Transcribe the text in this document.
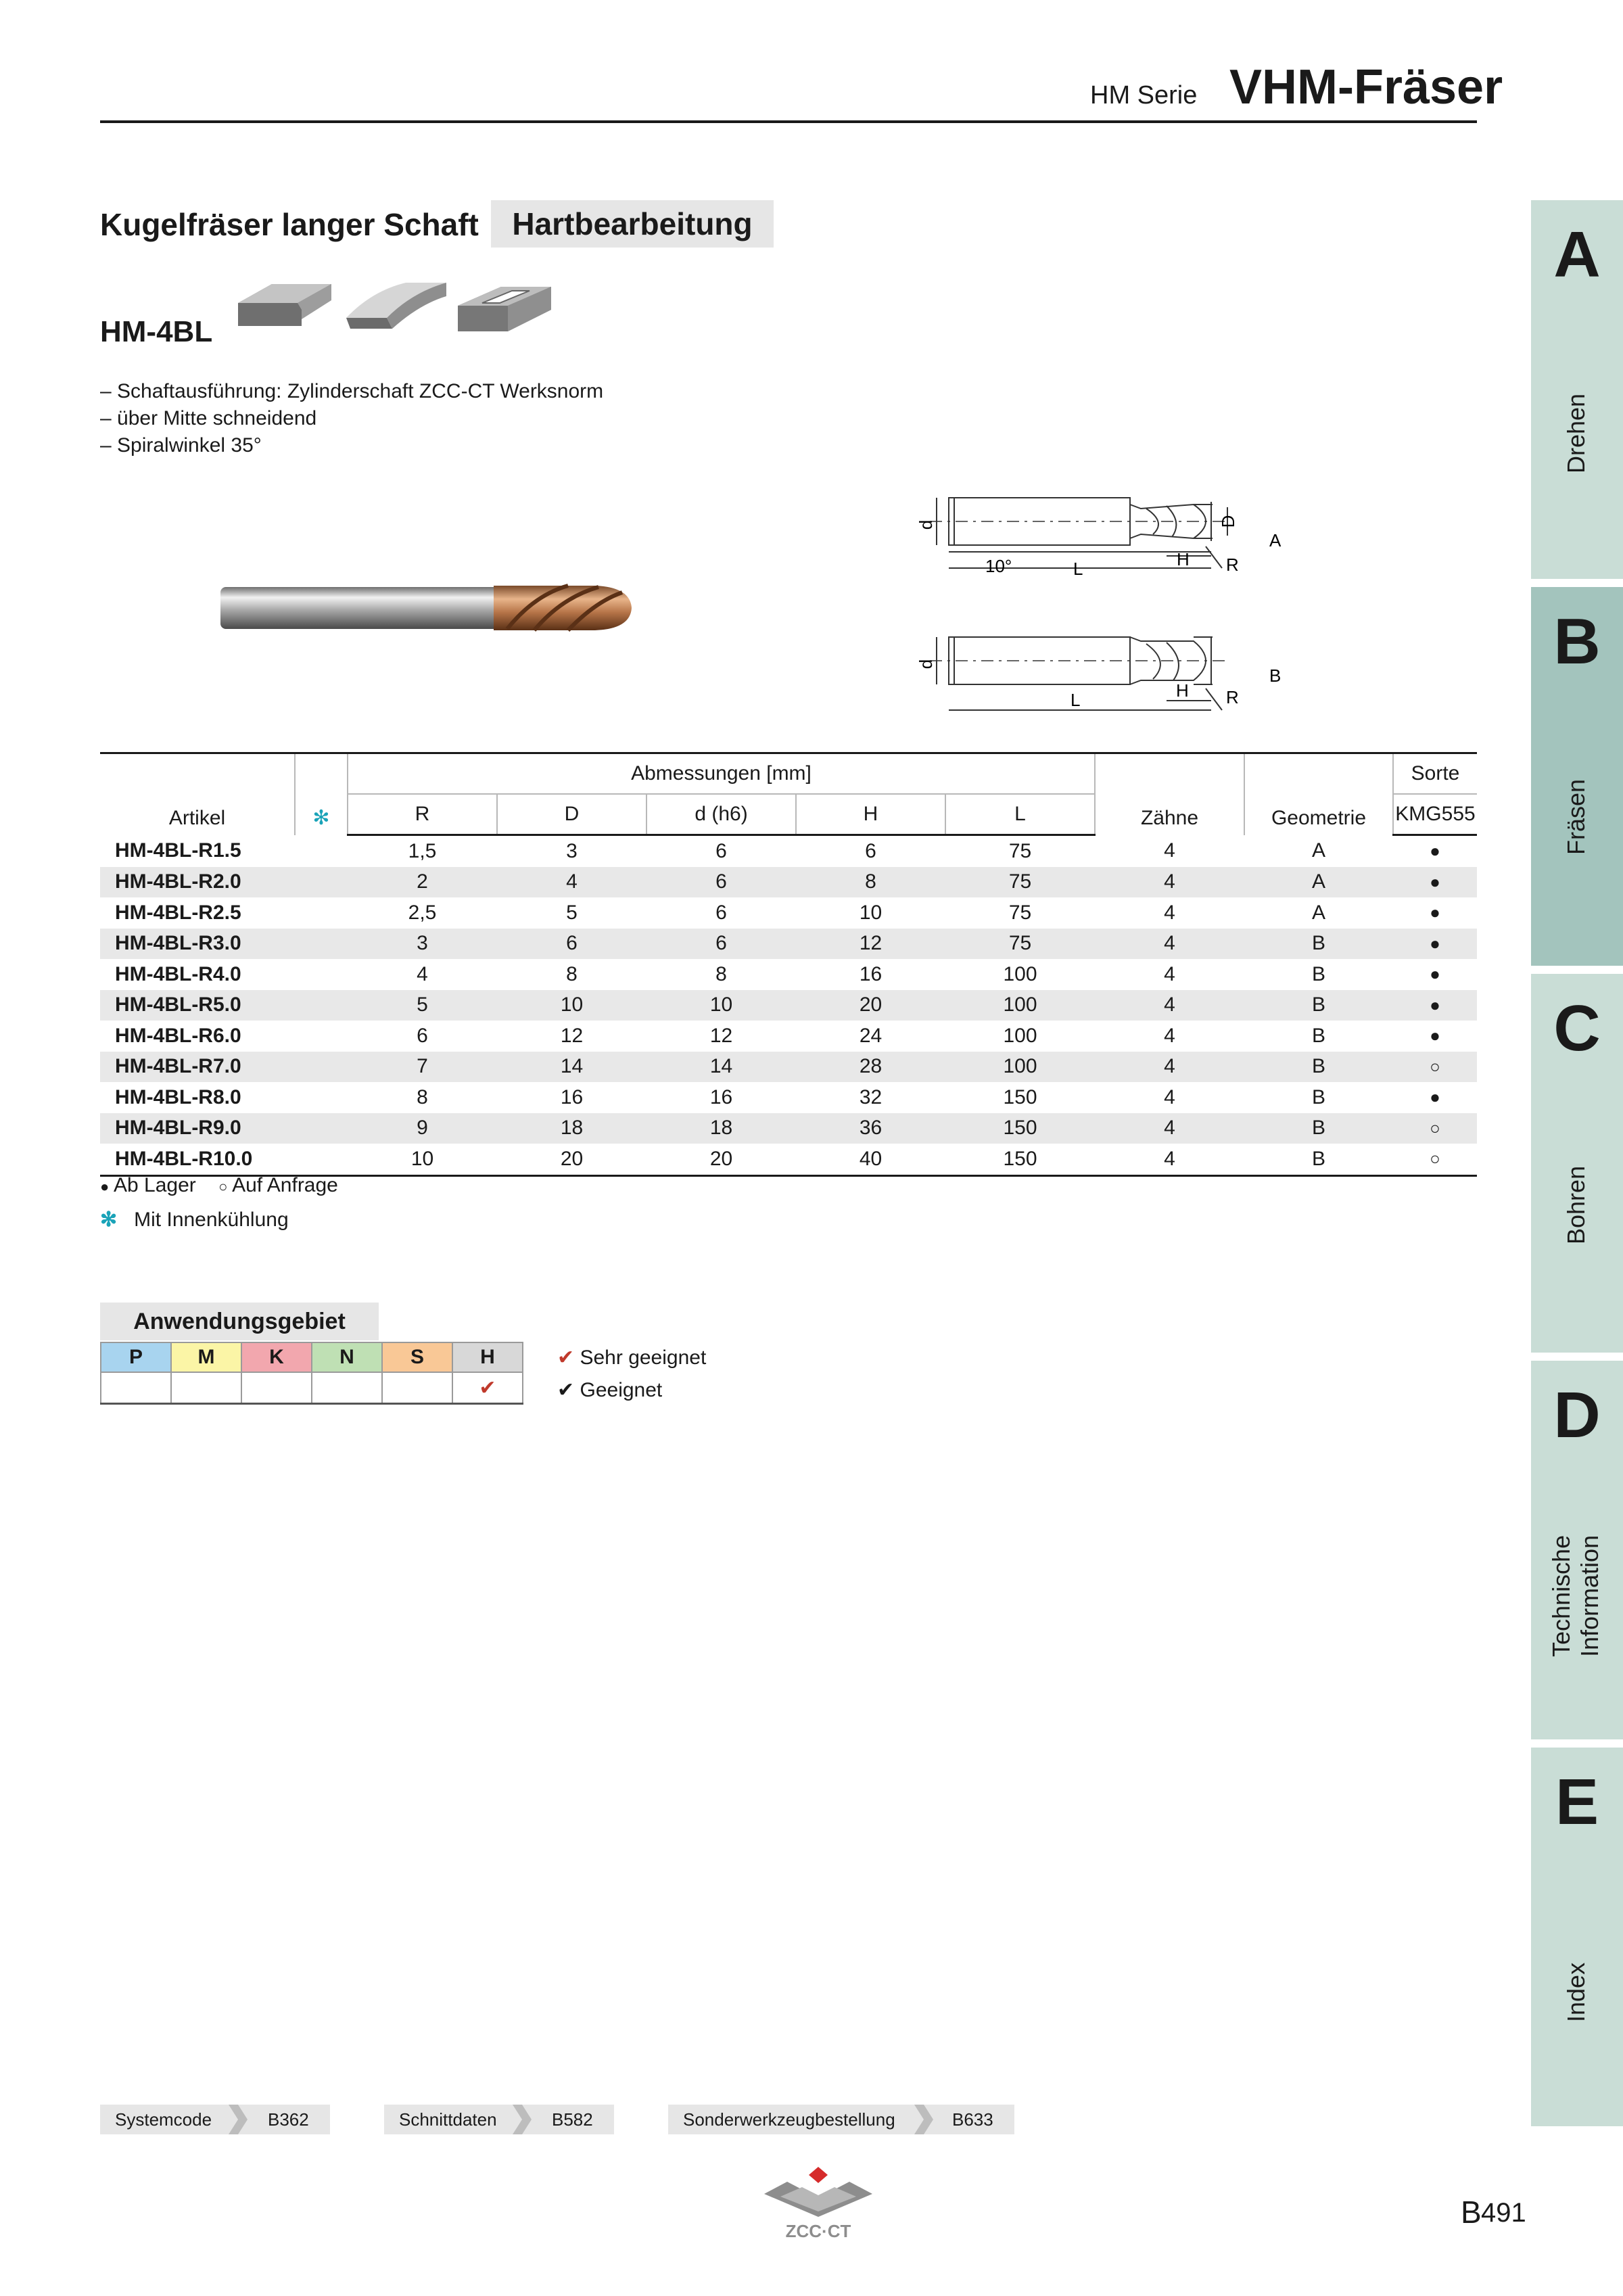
HM Serie VHM-Fräser
Kugelfräser langer Schaft	Hartbearbeitung
HM-4BL
– Schaftausführung: Zylinderschaft ZCC-CT Werksnorm
– über Mitte schneidend
– Spiralwinkel 35°
d	D
H
10°	L	R
A
d
H
L	R
B
Artikel	✻	Abmessungen [mm]					Zähne	Geometrie	Sorte
		R	D	d (h6)	H	L			KMG555
HM-4BL-R1.5		1,5	3	6	6	75	4	A	●
HM-4BL-R2.0		2	4	6	8	75	4	A	●
HM-4BL-R2.5		2,5	5	6	10	75	4	A	●
HM-4BL-R3.0		3	6	6	12	75	4	B	●
HM-4BL-R4.0		4	8	8	16	100	4	B	●
HM-4BL-R5.0		5	10	10	20	100	4	B	●
HM-4BL-R6.0		6	12	12	24	100	4	B	●
HM-4BL-R7.0		7	14	14	28	100	4	B	○
HM-4BL-R8.0		8	16	16	32	150	4	B	●
HM-4BL-R9.0		9	18	18	36	150	4	B	○
HM-4BL-R10.0		10	20	20	40	150	4	B	○
● Ab Lager ○ Auf Anfrage
✻ Mit Innenkühlung
Anwendungsgebiet
P	M	K	N	S	H
					✔
✔ Sehr geeignet
✔ Geeignet
A
Drehen
B
Fräsen
C
Bohren
D
Technische Information
E
Index
Systemcode	B362	Schnittdaten	B582	Sonderwerkzeugbestellung	B633
ZCC·CT
B 491
